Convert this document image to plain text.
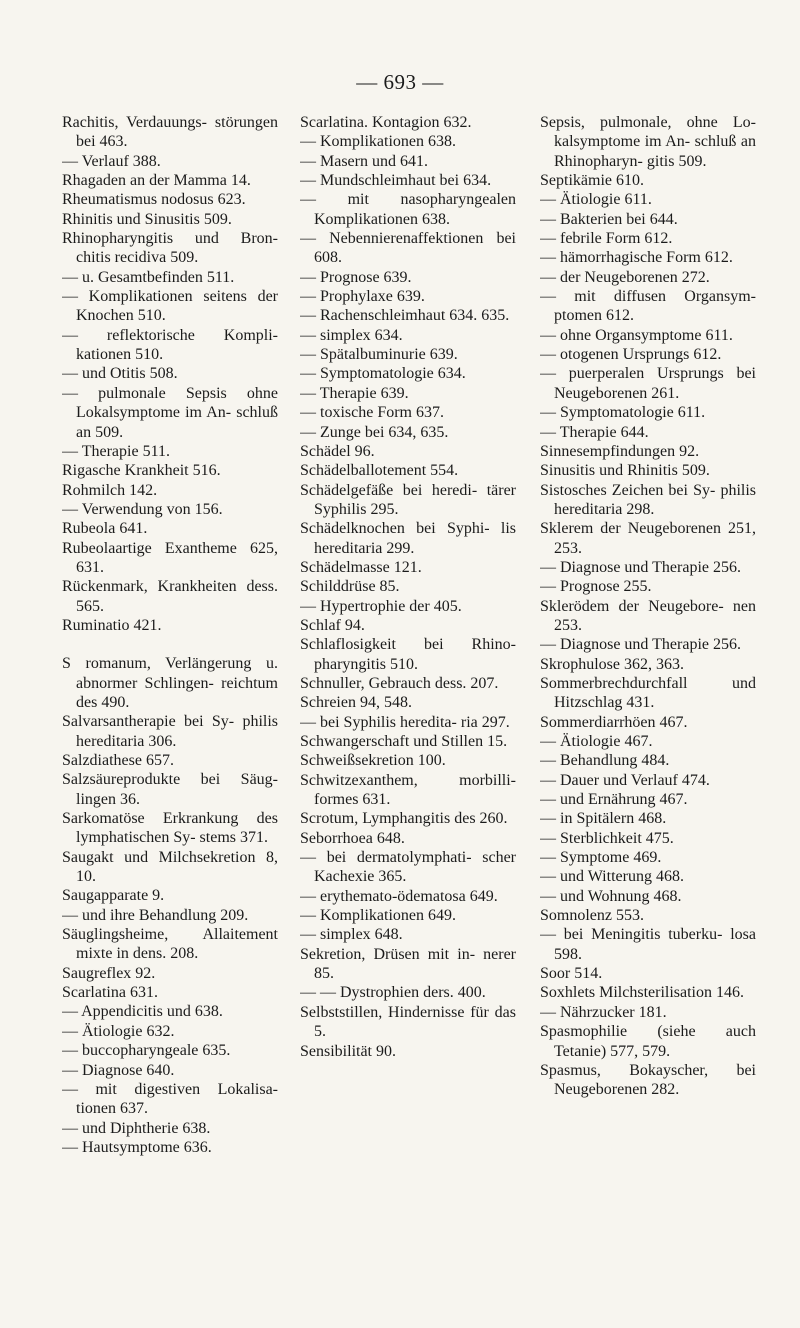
— 693 —
Rachitis, Verdauungs- störungen bei 463.
— Verlauf 388.
Rhagaden an der Mamma 14.
Rheumatismus nodosus 623.
Rhinitis und Sinusitis 509.
Rhinopharyngitis und Bron- chitis recidiva 509.
— u. Gesamtbefinden 511.
— Komplikationen seitens der Knochen 510.
— reflektorische Kompli- kationen 510.
— und Otitis 508.
— pulmonale Sepsis ohne Lokalsymptome im An- schluß an 509.
— Therapie 511.
Rigasche Krankheit 516.
Rohmilch 142.
— Verwendung von 156.
Rubeola 641.
Rubeolaartige Exantheme 625, 631.
Rückenmark, Krankheiten dess. 565.
Ruminatio 421.
S romanum, Verlängerung u. abnormer Schlingen- reichtum des 490.
Salvarsantherapie bei Sy- philis hereditaria 306.
Salzdiathese 657.
Salzsäureprodukte bei Säug- lingen 36.
Sarkomatöse Erkrankung des lymphatischen Sy- stems 371.
Saugakt und Milchsekretion 8, 10.
Saugapparate 9.
— und ihre Behandlung 209.
Säuglingsheime, Allaitement mixte in dens. 208.
Saugreflex 92.
Scarlatina 631.
— Appendicitis und 638.
— Ätiologie 632.
— buccopharyngeale 635.
— Diagnose 640.
— mit digestiven Lokalisa- tionen 637.
— und Diphtherie 638.
— Hautsymptome 636.
Scarlatina. Kontagion 632.
— Komplikationen 638.
— Masern und 641.
— Mundschleimhaut bei 634.
— mit nasopharyngealen Komplikationen 638.
— Nebennierenaffektionen bei 608.
— Prognose 639.
— Prophylaxe 639.
— Rachenschleimhaut 634. 635.
— simplex 634.
— Spätalbuminurie 639.
— Symptomatologie 634.
— Therapie 639.
— toxische Form 637.
— Zunge bei 634, 635.
Schädel 96.
Schädelballotement 554.
Schädelgefäße bei heredi- tärer Syphilis 295.
Schädelknochen bei Syphi- lis hereditaria 299.
Schädelmasse 121.
Schilddrüse 85.
— Hypertrophie der 405.
Schlaf 94.
Schlaflosigkeit bei Rhino- pharyngitis 510.
Schnuller, Gebrauch dess. 207.
Schreien 94, 548.
— bei Syphilis heredita- ria 297.
Schwangerschaft und Stillen 15.
Schweißsekretion 100.
Schwitzexanthem, morbilli- formes 631.
Scrotum, Lymphangitis des 260.
Seborrhoea 648.
— bei dermatolymphati- scher Kachexie 365.
— erythemato-ödematosa 649.
— Komplikationen 649.
— simplex 648.
Sekretion, Drüsen mit in- nerer 85.
— — Dystrophien ders. 400.
Selbststillen, Hindernisse für das 5.
Sensibilität 90.
Sepsis, pulmonale, ohne Lo- kalsymptome im An- schluß an Rhinopharyn- gitis 509.
Septikämie 610.
— Ätiologie 611.
— Bakterien bei 644.
— febrile Form 612.
— hämorrhagische Form 612.
— der Neugeborenen 272.
— mit diffusen Organsym- ptomen 612.
— ohne Organsymptome 611.
— otogenen Ursprungs 612.
— puerperalen Ursprungs bei Neugeborenen 261.
— Symptomatologie 611.
— Therapie 644.
Sinnesempfindungen 92.
Sinusitis und Rhinitis 509.
Sistosches Zeichen bei Sy- philis hereditaria 298.
Sklerem der Neugeborenen 251, 253.
— Diagnose und Therapie 256.
— Prognose 255.
Sklerödem der Neugebore- nen 253.
— Diagnose und Therapie 256.
Skrophulose 362, 363.
Sommerbrechdurchfall und Hitzschlag 431.
Sommerdiarrhöen 467.
— Ätiologie 467.
— Behandlung 484.
— Dauer und Verlauf 474.
— und Ernährung 467.
— in Spitälern 468.
— Sterblichkeit 475.
— Symptome 469.
— und Witterung 468.
— und Wohnung 468.
Somnolenz 553.
— bei Meningitis tuberku- losa 598.
Soor 514.
Soxhlets Milchsterilisation 146.
— Nährzucker 181.
Spasmophilie (siehe auch Tetanie) 577, 579.
Spasmus, Bokayscher, bei Neugeborenen 282.
